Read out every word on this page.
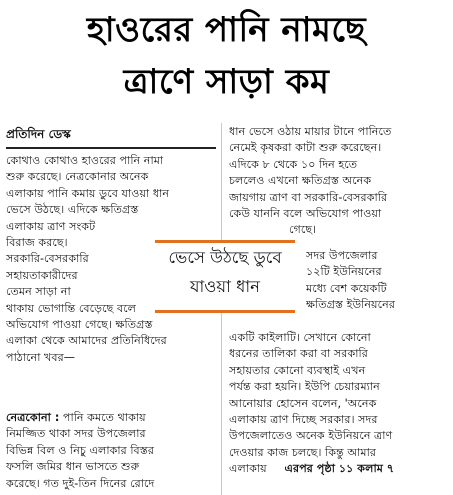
হাওরের পানি নামছে
ত্রাণে সাড়া কম
প্রতিদিন ডেস্ক
কোথাও কোথাও হাওরের পানি নামা
শুরু করেছে। নেত্রকোনার অনেক
এলাকায় পানি কমায় ডুবে যাওয়া ধান
ভেসে উঠছে। এদিকে ক্ষতিগ্রস্ত
এলাকায় ত্রাণ সংকট
বিরাজ করছে।
সরকারি-বেসরকারি
সহায়তাকারীদের
তেমন সাড়া না
থাকায় ভোগান্তি বেড়েছে বলে
অভিযোগ পাওয়া গেছে। ক্ষতিগ্রস্ত
এলাকা থেকে আমাদের প্রতিনিধিদের
পাঠানো খবর—
নেত্রকোনা : পানি কমতে থাকায়
নিমজ্জিত থাকা সদর উপজেলার
বিভিন্ন বিল ও নিচু এলাকার বিস্তর
ফসলি জমির ধান ভাসতে শুরু
করেছে। গত দুই-তিন দিনের রোদে
ধান ভেসে ওঠায় মায়ার টানে পানিতে
নেমেই কৃষকরা কাটা শুরু করেছেন।
এদিকে ৮ থেকে ১০ দিন হতে
চললেও এখনো ক্ষতিগ্রস্ত অনেক
জায়গায় ত্রাণ বা সরকারি-বেসরকারি
কেউ যাননি বলে অভিযোগ পাওয়া
গেছে।
সদর উপজেলার
১২টি ইউনিয়নের
মধ্যে বেশ কয়েকটি
ক্ষতিগ্রস্ত ইউনিয়নের
একটি কাইলাটি। সেখানে কোনো
ধরনের তালিকা করা বা সরকারি
সহায়তার কোনো ব্যবস্থাই এখন
পর্যন্ত করা হয়নি। ইউপি চেয়ারম্যান
আনোয়ার হোসেন বলেন, 'অনেক
এলাকায় ত্রাণ দিচ্ছে সরকার। সদর
উপজেলাতেও অনেক ইউনিয়নে ত্রাণ
দেওয়ার কাজ চলছে। কিন্তু আমার
এলাকায় এরপর পৃষ্ঠা ১১ কলাম ৭
ভেসে উঠছে ডুবে
যাওয়া ধান
